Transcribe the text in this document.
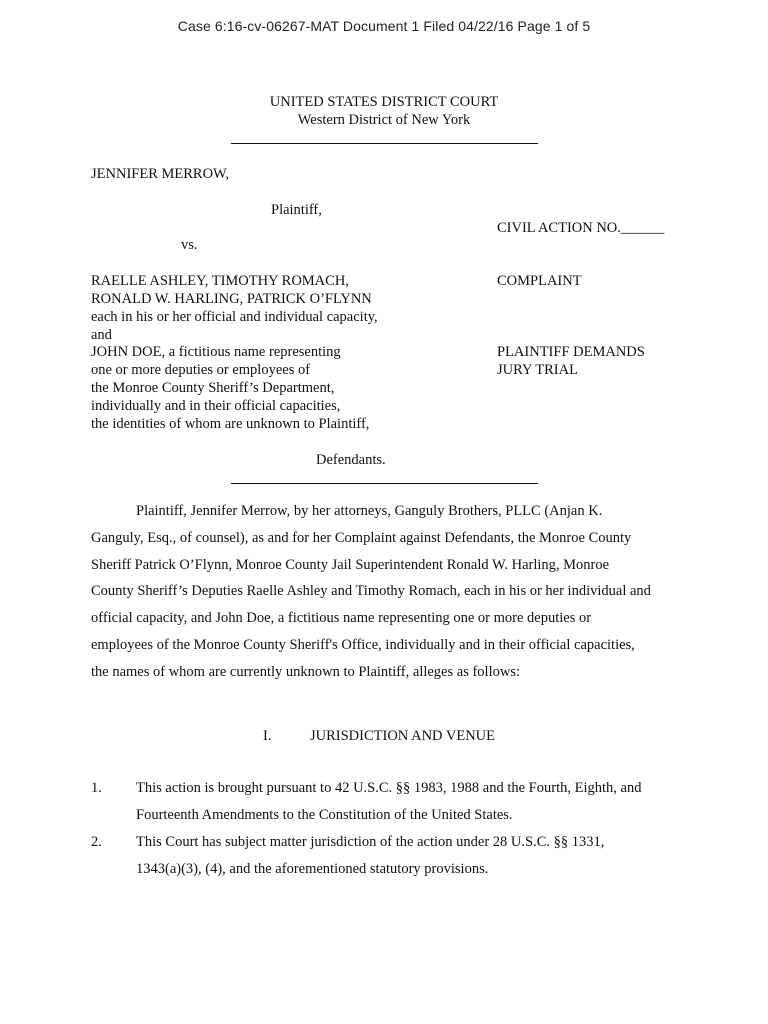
Case 6:16-cv-06267-MAT Document 1 Filed 04/22/16 Page 1 of 5
UNITED STATES DISTRICT COURT
Western District of New York
JENNIFER MERROW,
Plaintiff,
vs.
RAELLE ASHLEY, TIMOTHY ROMACH,
RONALD W. HARLING, PATRICK O’FLYNN
each in his or her official and individual capacity,
and
JOHN DOE, a fictitious name representing
one or more deputies or employees of
the Monroe County Sheriff’s Department,
individually and in their official capacities,
the identities of whom are unknown to Plaintiff,
Defendants.
CIVIL ACTION NO.______
COMPLAINT
PLAINTIFF DEMANDS
JURY TRIAL
Plaintiff, Jennifer Merrow, by her attorneys, Ganguly Brothers, PLLC (Anjan K.
Ganguly, Esq., of counsel), as and for her Complaint against Defendants, the Monroe County
Sheriff Patrick O’Flynn, Monroe County Jail Superintendent Ronald W. Harling, Monroe
County Sheriff’s Deputies Raelle Ashley and Timothy Romach, each in his or her individual and
official capacity, and John Doe, a fictitious name representing one or more deputies or
employees of the Monroe County Sheriff's Office, individually and in their official capacities,
the names of whom are currently unknown to Plaintiff, alleges as follows:
I.	JURISDICTION AND VENUE
1. This action is brought pursuant to 42 U.S.C. §§ 1983, 1988 and the Fourth, Eighth, and
Fourteenth Amendments to the Constitution of the United States.
2. This Court has subject matter jurisdiction of the action under 28 U.S.C. §§ 1331,
1343(a)(3), (4), and the aforementioned statutory provisions.
